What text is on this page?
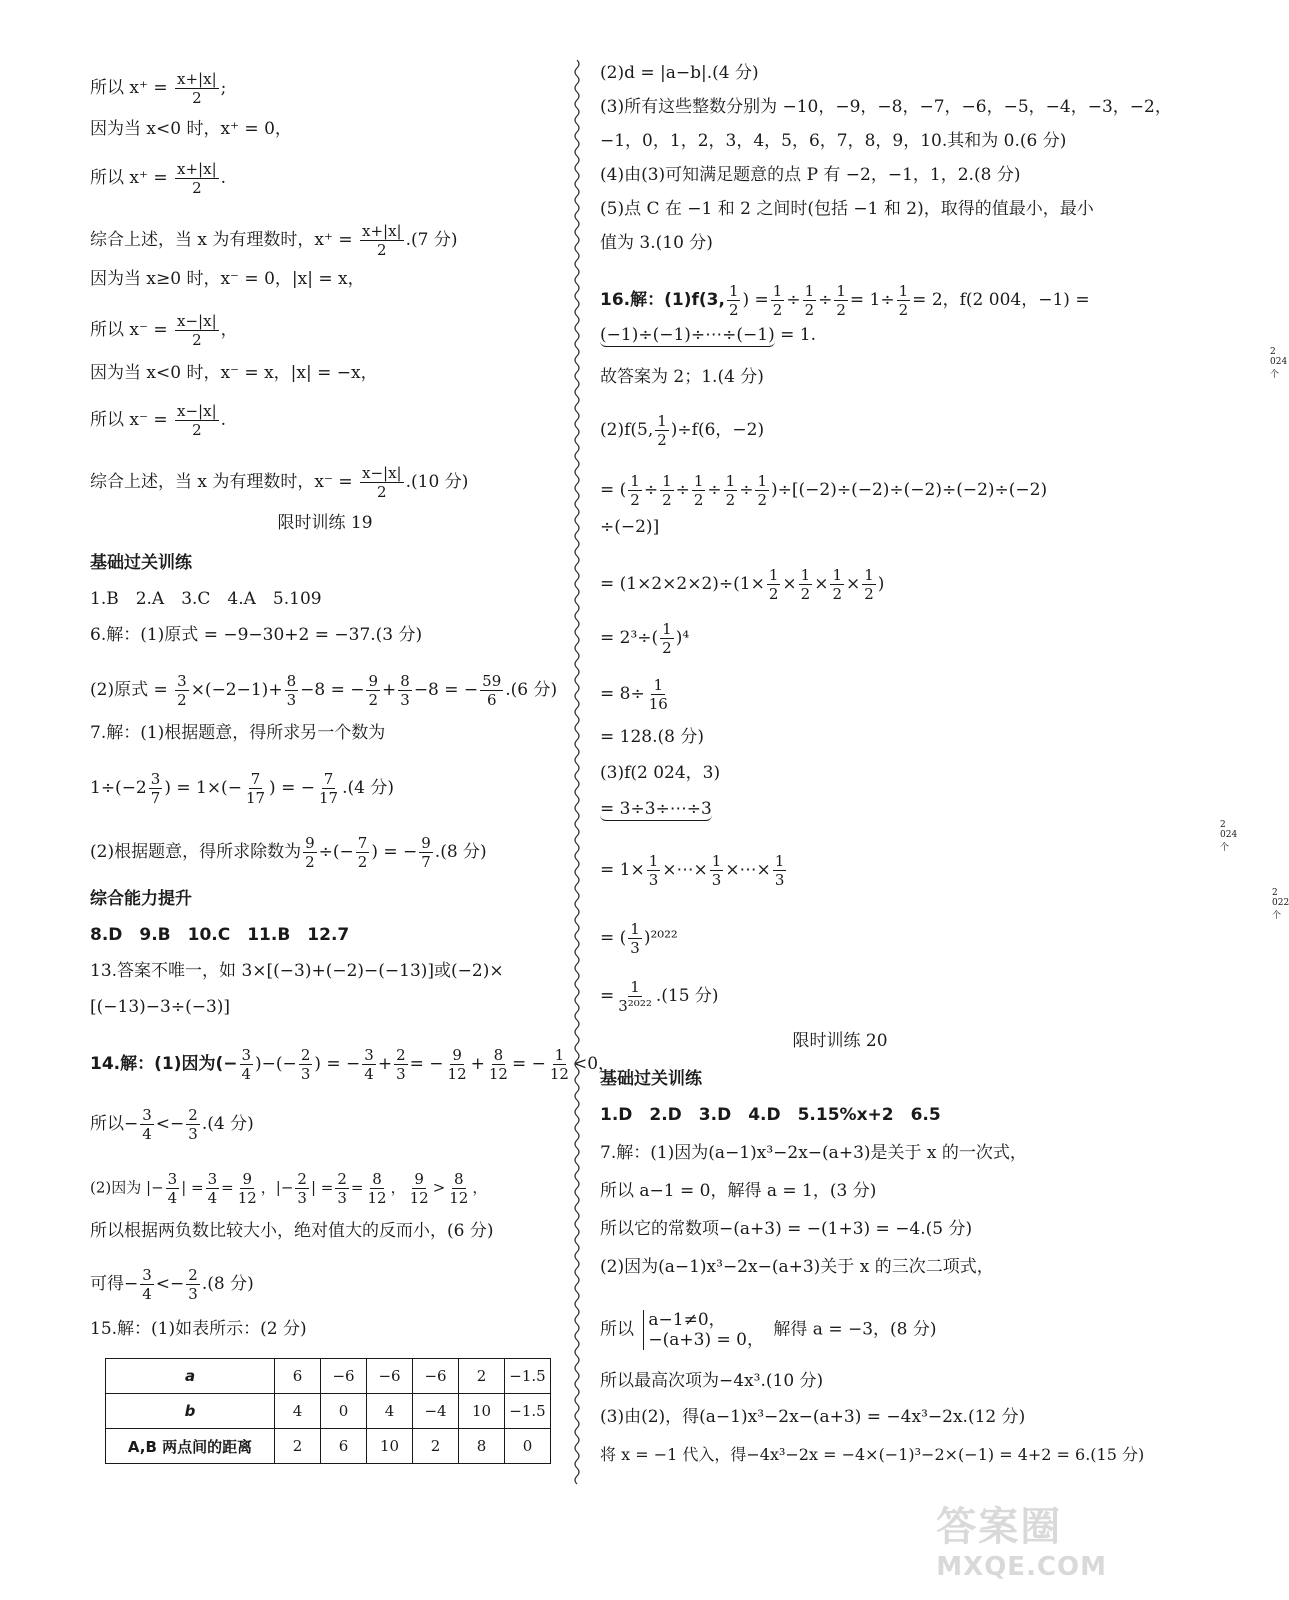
所以 $x^+ = \frac{x+|x|}{2}$ ;
因为当 x<0 时，x⁺ = 0，
所以 $x^+ = \frac{x+|x|}{2}$ .
综合上述，当 x 为有理数时，$x^+ = \frac{x+|x|}{2} .(7$ 分)
因为当 x≥0 时，x⁻ = 0，|x| = x，
所以 $x^- = \frac{x-|x|}{2}$ ，
因为当 x<0 时，x⁻ = x，|x| = −x，
所以 $x^- = \frac{x-|x|}{2}$ .
综合上述，当 x 为有理数时，$x^- = \frac{x-|x|}{2} .(10$ 分)
限时训练 19
基础过关训练
1.B　2.A　3.C　4.A　5.109
6.解：(1)原式 = −9−30+2 = −37.(3 分)
(2)原式 = $\frac{3}{2} \times(-2-1)+ \frac{8}{3} -8$ = − $\frac{9}{2} + \frac{8}{3} -8$ = − $\frac{59}{6} .(6$ 分)
7.解：(1)根据题意，得所求另一个数为
$1\div(-2 \frac{3}{7}$ ) = $1\times(- \frac{7}{17}$ ) = − $\frac{7}{17} .(4$ 分)
(2)根据题意，得所求除数为 $\frac{9}{2}$ ÷(− $\frac{7}{2}$ ) = − $\frac{9}{7} .(8$ 分)
综合能力提升
8.D　9.B　10.C　11.B　12.7
13.答案不唯一，如 3×[(−3)+(−2)−(−13)]或(−2)×
[(−13)−3÷(−3)]
14.解：(1)因为(− $\frac{3}{4}$ )−(− $\frac{2}{3}$ ) = − $\frac{3}{4} + \frac{2}{3}$ = − $\frac{9}{12} + \frac{8}{12}$ = − $\frac{1}{12} <0$，
所以− $\frac{3}{4} <- \frac{2}{3} .(4$ 分)
(2)因为 |− $\frac{3}{4}$ | = $\frac{3}{4} = \frac{9}{12}$ ，|− $\frac{2}{3}$ | = $\frac{2}{3} = \frac{8}{12}$ ， $\frac{9}{12} > \frac{8}{12}$ ，
所以根据两负数比较大小，绝对值大的反而小，(6 分)
可得− $\frac{3}{4} <- \frac{2}{3} .(8$ 分)
15.解：(1)如表所示：(2 分)
a	6	−6	−6	−6	2	−1.5
b	4	0	4	−4	10	−1.5
A,B 两点间的距离	2	6	10	2	8	0
(2)d = |a−b|.(4 分)
(3)所有这些整数分别为 −10，−9，−8，−7，−6，−5，−4，−3，−2，
−1，0，1，2，3，4，5，6，7，8，9，10.其和为 0.(6 分)
(4)由(3)可知满足题意的点 P 有 −2，−1，1，2.(8 分)
(5)点 C 在 −1 和 2 之间时(包括 −1 和 2)，取得的值最小，最小
值为 3.(10 分)
16.解：(1)f(3, $\frac{1}{2}$ ) = $\frac{1}{2} \div \frac{1}{2} \div \frac{1}{2} = 1\div \frac{1}{2} = 2$，f(2 004，−1) =
(−1)÷(−1)÷⋯÷(−1) = 1.
2 024个
故答案为 2；1.(4 分)
(2)f(5, $\frac{1}{2} )\div f(6$，−2)
= ( $\frac{1}{2} \div \frac{1}{2} \div \frac{1}{2} \div \frac{1}{2} \div \frac{1}{2} )\div[(-2)\div(-2)\div(-2)\div(-2)\div(-2)$
÷(−2)]
= $(1\times 2\times 2\times 2)\div(1\times \frac{1}{2} \times \frac{1}{2} \times \frac{1}{2} \times \frac{1}{2}$ )
= $2^3\div( \frac{1}{2} )^4$
= $8\div \frac{1}{16}$
= 128.(8 分)
(3)f(2 024，3)
= 3÷3÷⋯÷3
2 024个
= $1\times \frac{1}{3}$ ×⋯× $\frac{1}{3}$ ×⋯× $\frac{1}{3}$
2 022个
= ( $\frac{1}{3} )^{2022}$
= $\frac{1}{\text{3²⁰²²}} .(15$ 分)
限时训练 20
基础过关训练
1.D　2.D　3.D　4.D　5.15%x+2　6.5
7.解：(1)因为(a−1)x³−2x−(a+3)是关于 x 的一次式，
所以 a−1 = 0，解得 a = 1，(3 分)
所以它的常数项−(a+3) = −(1+3) = −4.(5 分)
(2)因为(a−1)x³−2x−(a+3)关于 x 的三次二项式，
所以 a−1≠0，
−(a+3) = 0，
解得 a = −3，(8 分)
所以最高次项为−4x³.(10 分)
(3)由(2)，得(a−1)x³−2x−(a+3) = −4x³−2x.(12 分)
将 x = −1 代入，得−4x³−2x = −4×(−1)³−2×(−1) = 4+2 = 6.(15 分)
答案圈
MXQE.COM
